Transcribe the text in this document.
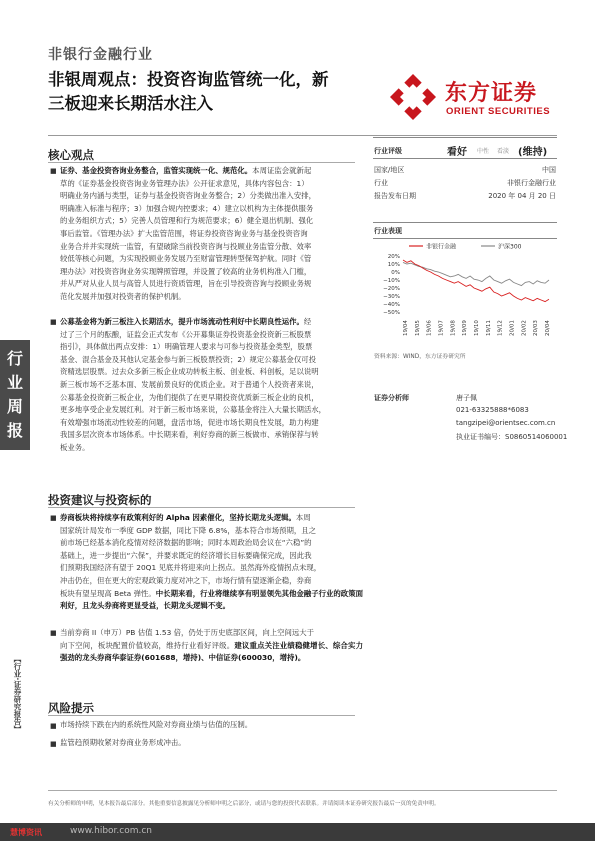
非银行金融行业
非银周观点：投资咨询监管统一化，新
三板迎来长期活水注入	东方证券
ORIENT SECURITIES
核心观点
■ 证券、基金投资咨询业务整合，监管实现统一化、规范化。本周证监会就新起
草的《证券基金投资咨询业务管理办法》公开征求意见，具体内容包含：1）
明确业务内涵与类型，证券与基金投资咨询业务整合；2）分类做出准入安排，
明确准入标准与程序；3）加强合规内控要求；4）建立以机构为主体提供服务
的业务组织方式；5）完善人员管理和行为规范要求；6）健全退出机制、强化
事后监管。《管理办法》扩大监管范围，将证券投资咨询业务与基金投资咨询
业务合并并实现统一监管，有望破除当前投资咨询与投顾业务监管分散、效率
较低等核心问题，为实现投顾业务发展乃至财富管理转型保驾护航。同时《管
理办法》对投资咨询业务实现牌照管理，并设置了较高的业务机构准入门槛，
并从严对从业人员与高管人员进行资质管理，旨在引导投资咨询与投顾业务规
范化发展并加强对投资者的保护机制。
■ 公募基金将为新三板注入长期活水，提升市场流动性利好中长期良性运作。经
过了三个月的酝酿，证监会正式发布《公开募集证券投资基金投资新三板股票
指引》，具体做出两点安排：1）明确管理人要求与可参与投资基金类型，股票
基金、混合基金及其他认定基金参与新三板股票投资；2）规定公募基金仅可投
资精选层股票。过去众多新三板企业成功转板主板、创业板、科创板，足以说明
新三板市场不乏基本面、发展前景良好的优质企业。对于普通个人投资者来说，
公募基金投资新三板企业，为他们提供了在更早期投资优质新三板企业的良机，
更多地享受企业发展红利。对于新三板市场来说，公募基金将注入大量长期活水，
有效增强市场流动性较差的问题，盘活市场，促进市场长期良性发展，助力构建
我国多层次资本市场体系。中长期来看，利好券商的新三板做市、承销保荐与转
板业务。
投资建议与投资标的
■ 券商板块将持续享有政策利好的 Alpha 因素催化，坚持长期龙头逻辑。本周
国家统计局发布一季度 GDP 数据，同比下降 6.8%，基本符合市场预期，且之
前市场已经基本消化疫情对经济数据的影响；同时本周政治局会议在“六稳”的
基础上，进一步提出“六保”，并要求既定的经济增长目标要确保完成，因此我
们预期我国经济有望于 20Q1 见底并将迎来向上拐点。虽然海外疫情拐点未现，
冲击仍在，但在更大的宏观政策力度对冲之下，市场行情有望逐渐企稳，券商
板块有望呈现高 Beta 弹性。中长期来看，行业将继续享有明显领先其他金融子行业的政策面利好，且龙头券商将更显受益，长期龙头逻辑不变。
■ 当前券商 II（申万）PB 估值 1.53 倍，仍处于历史底部区间，向上空间远大于
向下空间，板块配置价值较高，维持行业看好评级。建议重点关注业绩稳健增长、综合实力强劲的龙头券商华泰证券(601688，增持)、中信证券(600030，增持)。
风险提示
■ 市场持续下跌在内的系统性风险对券商业绩与估值的压制。
■ 监管趋预期收紧对券商业务形成冲击。
行
业
周
报
【行业·证券研究报告】
行业评级	看好 中性 看淡 (维持)
国家/地区	中国
行业	非银行金融行业
报告发布日期	2020 年 04 月 20 日
行业表现
非银行金融	沪深300
20%
10%
0%
−10%
−20%
−30%
−40%
−50%
19/04 19/05 19/06 19/07 19/08 19/09 19/10 19/11 19/12 20/01 20/02 20/03 20/04
资料来源：WIND，东方证券研究所
证券分析师	唐子佩
021-63325888*6083
tangzipei@orientsec.com.cn
执业证书编号：S0860514060001
有关分析师的申明，见本报告最后部分。其他重要信息披露见分析师申明之后部分，或请与您的投资代表联系。并请阅读本证券研究报告最后一页的免责申明。
慧博资讯	www.hibor.com.cn
